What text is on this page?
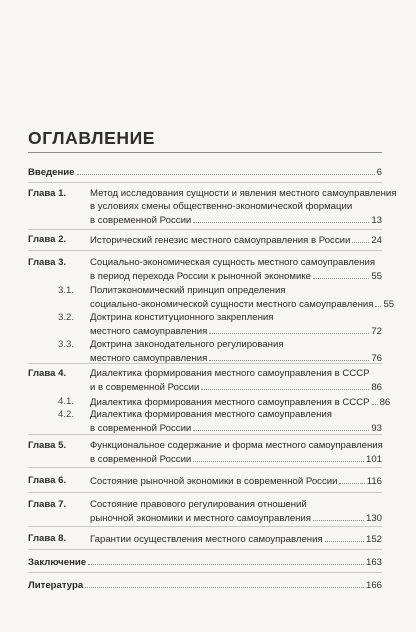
ОГЛАВЛЕНИЕ
Введение	6
Глава 1. Метод исследования сущности и явления местного самоуправления
в условиях смены общественно-экономической формации
в современной России	13
Глава 2. Исторический генезис местного самоуправления в России 24
Глава 3. Социально-экономическая сущность местного самоуправления
в период перехода России к рыночной экономике	55
3.1. Политэкономический принцип определения
социально-экономической сущности местного самоуправления 55
3.2. Доктрина конституционного закрепления
местного самоуправления	72
3.3. Доктрина законодательного регулирования
местного самоуправления	76
Глава 4. Диалектика формирования местного самоуправления в СССР
и в современной России	86
4.1. Диалектика формирования местного самоуправления в СССР 86
4.2. Диалектика формирования местного самоуправления
в современной России	93
Глава 5. Функциональное содержание и форма местного самоуправления
в современной России	101
Глава 6. Состояние рыночной экономики в современной России	116
Глава 7. Состояние правового регулирования отношений
рыночной экономики и местного самоуправления	130
Глава 8. Гарантии осуществления местного самоуправления	152
Заключение	163
Литература	166
